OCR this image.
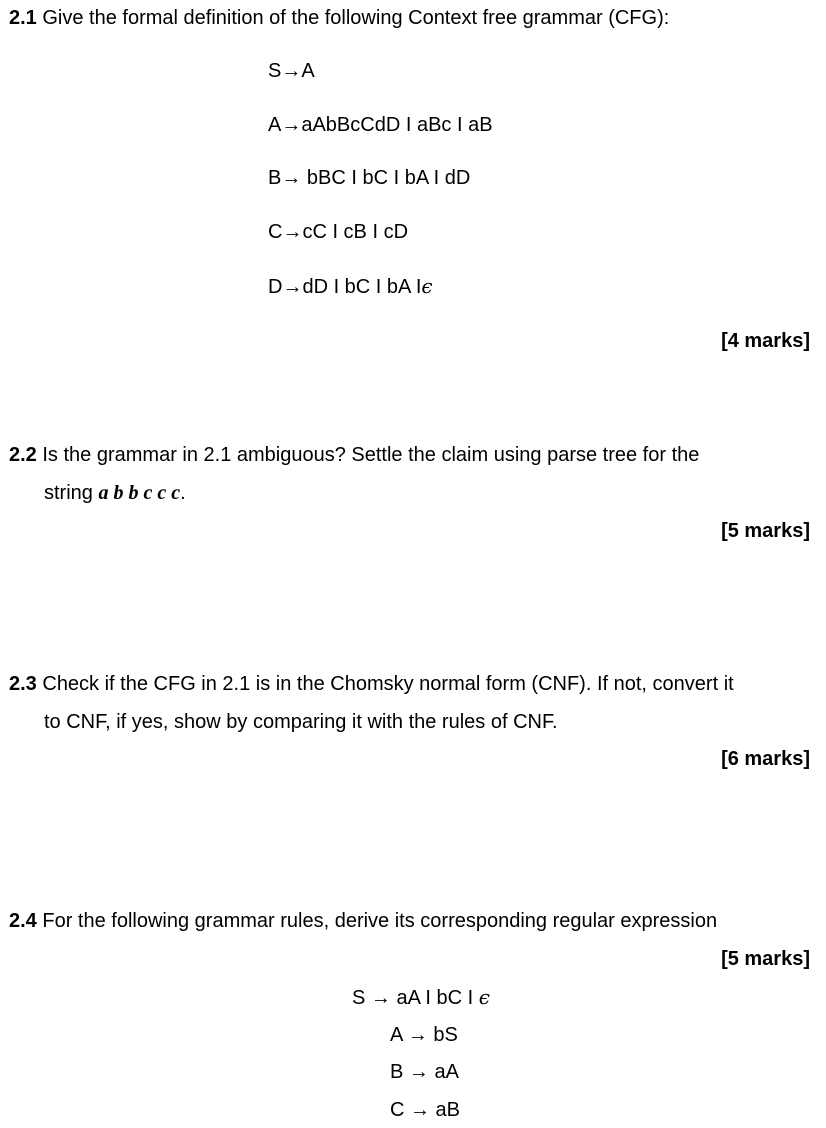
2.1 Give the formal definition of the following Context free grammar (CFG):
S→A
A→aAbBcCdD I aBc I aB
B→ bBC I bC I bA I dD
C→cC I cB I cD
D→dD I bC I bA Iϵ
[4 marks]
2.2 Is the grammar in 2.1 ambiguous? Settle the claim using parse tree for the
string a b b c c c.
[5 marks]
2.3 Check if the CFG in 2.1 is in the Chomsky normal form (CNF). If not, convert it
to CNF, if yes, show by comparing it with the rules of CNF.
[6 marks]
2.4 For the following grammar rules, derive its corresponding regular expression
[5 marks]
S → aA I bC I ϵ
A → bS
B → aA
C → aB
